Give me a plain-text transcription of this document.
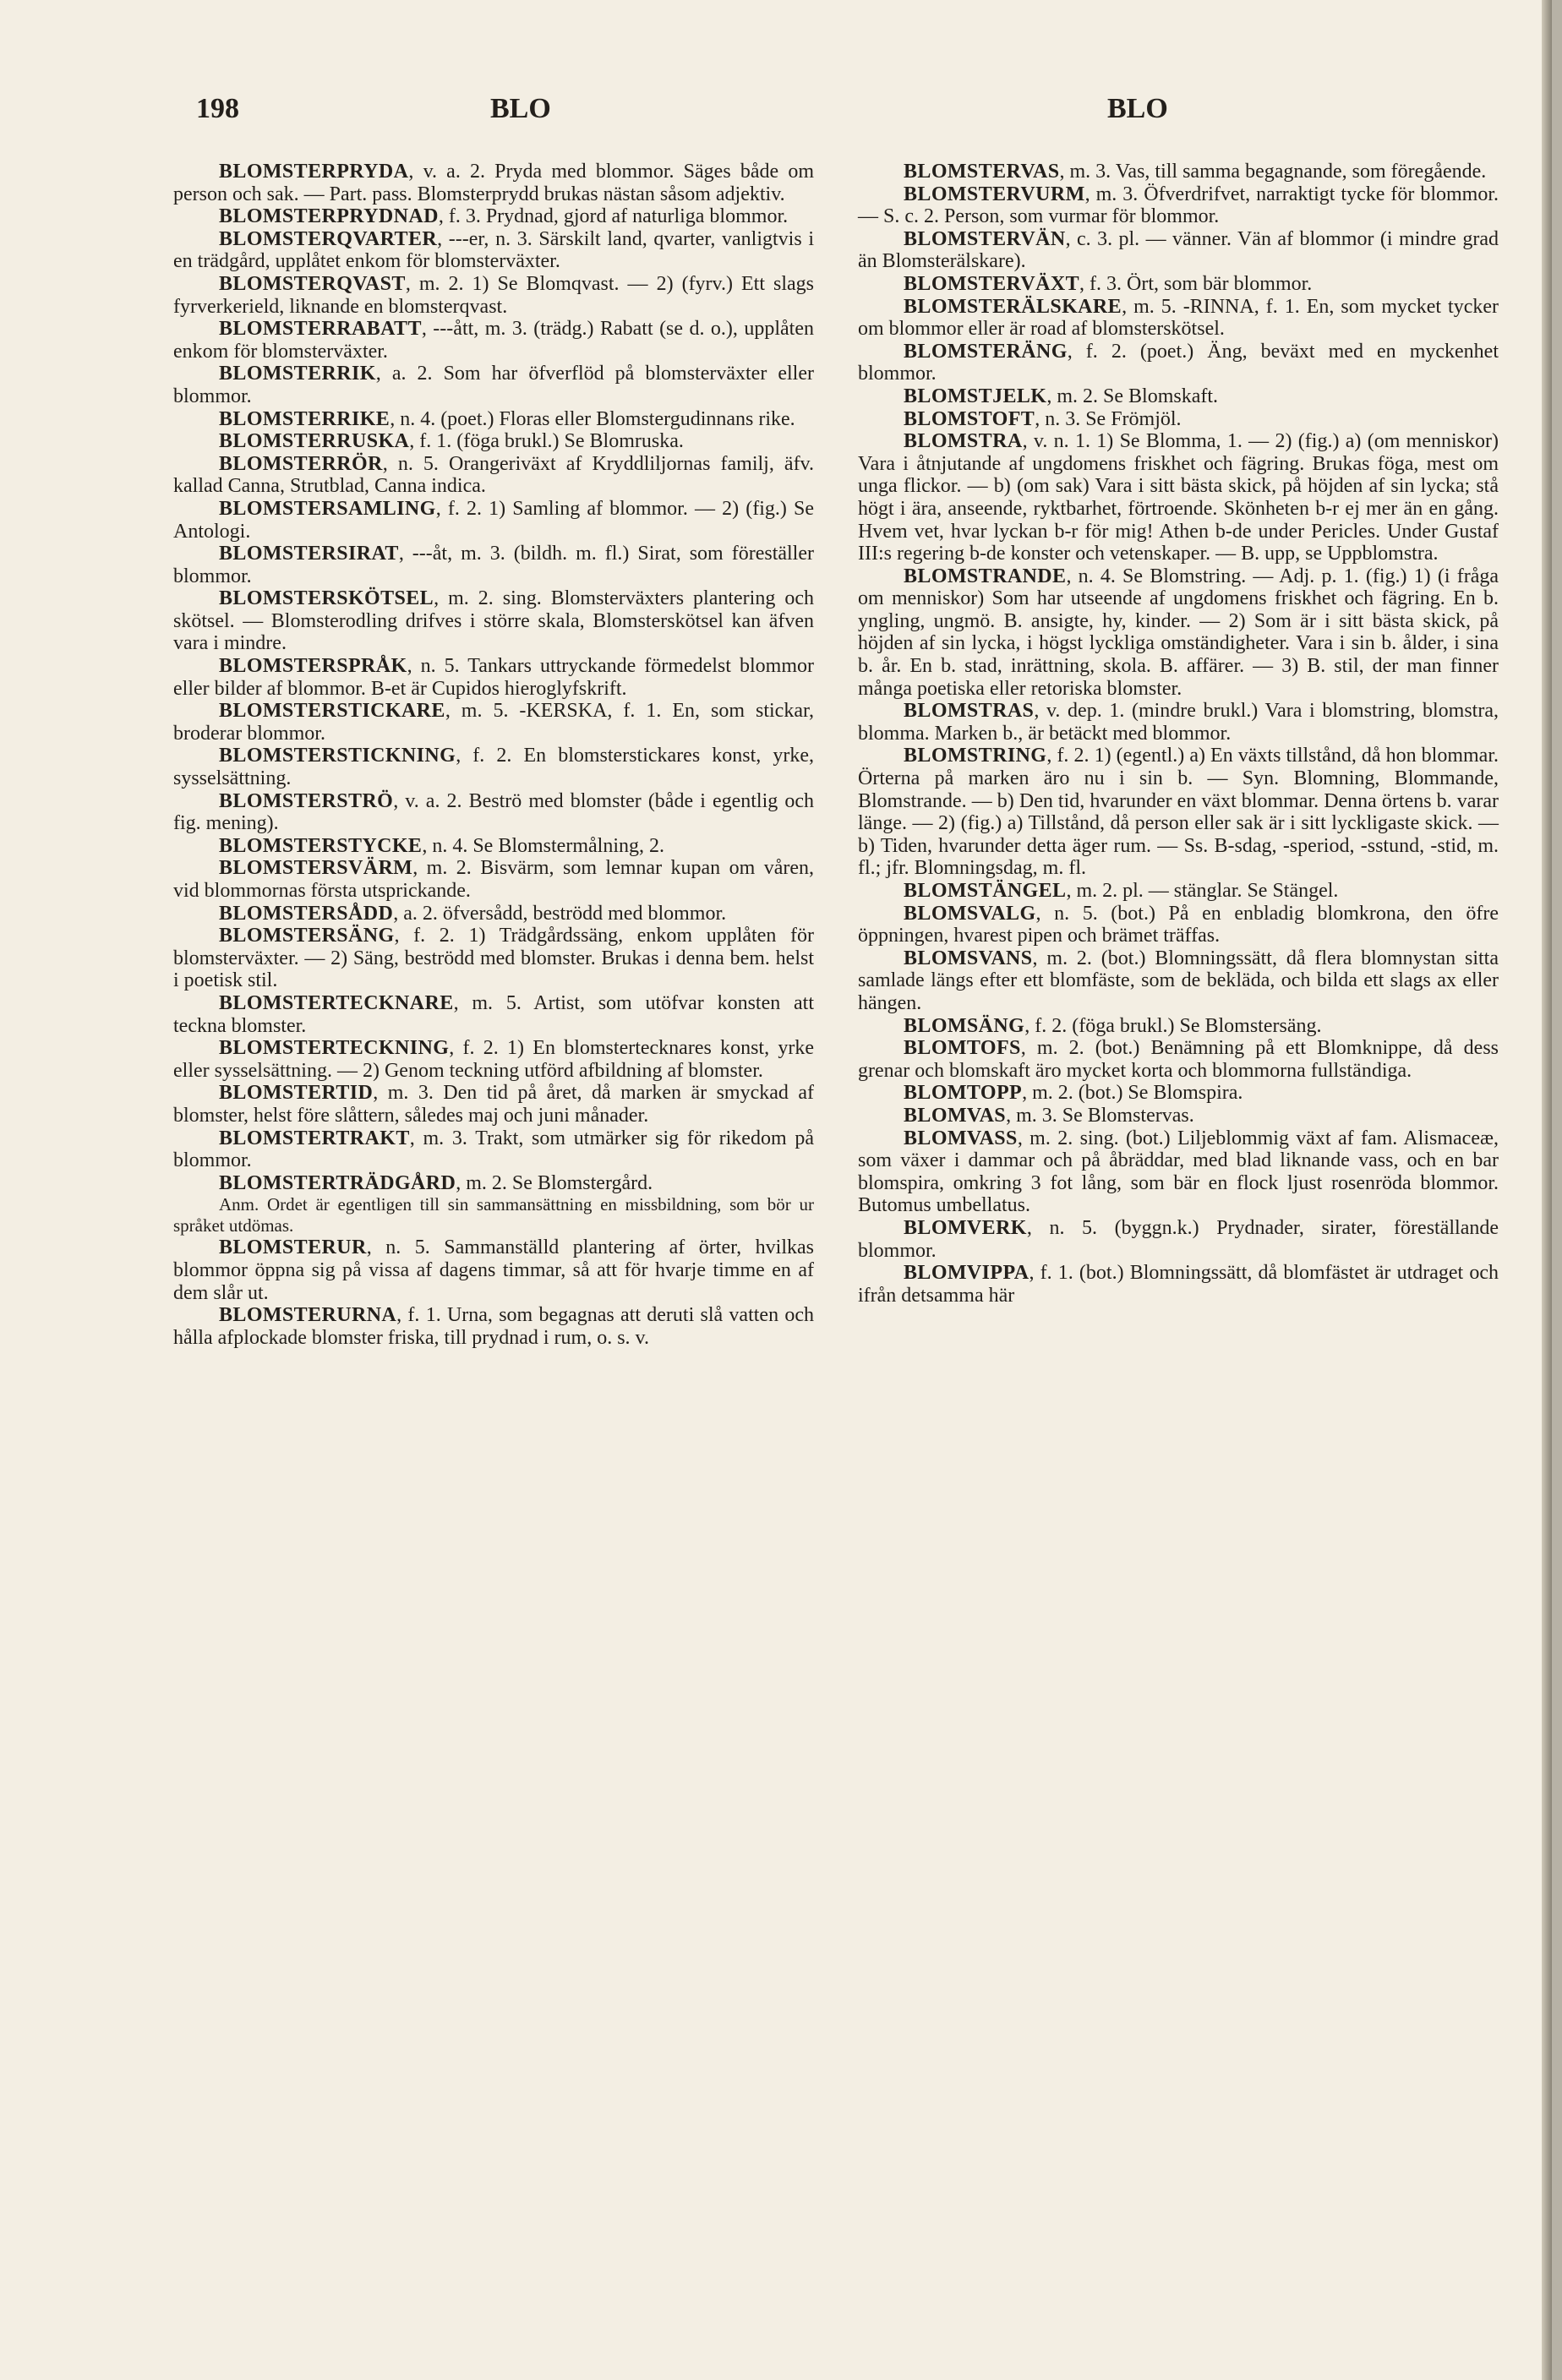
198	BLO	BLO

BLOMSTERPRYDA, v. a. 2. Pryda med blommor. Säges både om person och sak. — Part. pass. Blomsterprydd brukas nästan såsom adjektiv.

BLOMSTERPRYDNAD, f. 3. Prydnad, gjord af naturliga blommor.

BLOMSTERQVARTER, ---er, n. 3. Särskilt land, qvarter, vanligtvis i en trädgård, upplåtet enkom för blomsterväxter.

BLOMSTERQVAST, m. 2. 1) Se Blomqvast. — 2) (fyrv.) Ett slags fyrverkerield, liknande en blomsterqvast.

BLOMSTERRABATT, ---ått, m. 3. (trädg.) Rabatt (se d. o.), upplåten enkom för blomsterväxter.

BLOMSTERRIK, a. 2. Som har öfverflöd på blomsterväxter eller blommor.

BLOMSTERRIKE, n. 4. (poet.) Floras eller Blomstergudinnans rike.

BLOMSTERRUSKA, f. 1. (föga brukl.) Se Blomruska.

BLOMSTERRÖR, n. 5. Orangeriväxt af Kryddliljornas familj, äfv. kallad Canna, Strutblad, Canna indica.

BLOMSTERSAMLING, f. 2. 1) Samling af blommor. — 2) (fig.) Se Antologi.

BLOMSTERSIRAT, ---åt, m. 3. (bildh. m. fl.) Sirat, som föreställer blommor.

BLOMSTERSKÖTSEL, m. 2. sing. Blomsterväxters plantering och skötsel. — Blomsterodling drifves i större skala, Blomsterskötsel kan äfven vara i mindre.

BLOMSTERSPRÅK, n. 5. Tankars uttryckande förmedelst blommor eller bilder af blommor. B-et är Cupidos hieroglyfskrift.

BLOMSTERSTICKARE, m. 5. -KERSKA, f. 1. En, som stickar, broderar blommor.

BLOMSTERSTICKNING, f. 2. En blomsterstickares konst, yrke, sysselsättning.

BLOMSTERSTRÖ, v. a. 2. Beströ med blomster (både i egentlig och fig. mening).

BLOMSTERSTYCKE, n. 4. Se Blomstermålning, 2.

BLOMSTERSVÄRM, m. 2. Bisvärm, som lemnar kupan om våren, vid blommornas första utsprickande.

BLOMSTERSÅDD, a. 2. öfversådd, beströdd med blommor.

BLOMSTERSÄNG, f. 2. 1) Trädgårdssäng, enkom upplåten för blomsterväxter. — 2) Säng, beströdd med blomster. Brukas i denna bem. helst i poetisk stil.

BLOMSTERTECKNARE, m. 5. Artist, som utöfvar konsten att teckna blomster.

BLOMSTERTECKNING, f. 2. 1) En blomstertecknares konst, yrke eller sysselsättning. — 2) Genom teckning utförd afbildning af blomster.

BLOMSTERTID, m. 3. Den tid på året, då marken är smyckad af blomster, helst före slåttern, således maj och juni månader.

BLOMSTERTRAKT, m. 3. Trakt, som utmärker sig för rikedom på blommor.

BLOMSTERTRÄDGÅRD, m. 2. Se Blomstergård.

Anm. Ordet är egentligen till sin sammansättning en missbildning, som bör ur språket utdömas.

BLOMSTERUR, n. 5. Sammanställd plantering af örter, hvilkas blommor öppna sig på vissa af dagens timmar, så att för hvarje timme en af dem slår ut.

BLOMSTERURNA, f. 1. Urna, som begagnas att deruti slå vatten och hålla afplockade blomster friska, till prydnad i rum, o. s. v.

BLOMSTERVAS, m. 3. Vas, till samma begagnande, som föregående.

BLOMSTERVURM, m. 3. Öfverdrifvet, narraktigt tycke för blommor. — S. c. 2. Person, som vurmar för blommor.

BLOMSTERVÄN, c. 3. pl. — vänner. Vän af blommor (i mindre grad än Blomsterälskare).

BLOMSTERVÄXT, f. 3. Ört, som bär blommor.

BLOMSTERÄLSKARE, m. 5. -RINNA, f. 1. En, som mycket tycker om blommor eller är road af blomsterskötsel.

BLOMSTERÄNG, f. 2. (poet.) Äng, beväxt med en myckenhet blommor.

BLOMSTJELK, m. 2. Se Blomskaft.

BLOMSTOFT, n. 3. Se Frömjöl.

BLOMSTRA, v. n. 1. 1) Se Blomma, 1. — 2) (fig.) a) (om menniskor) Vara i åtnjutande af ungdomens friskhet och fägring. Brukas föga, mest om unga flickor. — b) (om sak) Vara i sitt bästa skick, på höjden af sin lycka; stå högt i ära, anseende, ryktbarhet, förtroende. Skönheten b-r ej mer än en gång. Hvem vet, hvar lyckan b-r för mig! Athen b-de under Pericles. Under Gustaf III:s regering b-de konster och vetenskaper. — B. upp, se Uppblomstra.

BLOMSTRANDE, n. 4. Se Blomstring. — Adj. p. 1. (fig.) 1) (i fråga om menniskor) Som har utseende af ungdomens friskhet och fägring. En b. yngling, ungmö. B. ansigte, hy, kinder. — 2) Som är i sitt bästa skick, på höjden af sin lycka, i högst lyckliga omständigheter. Vara i sin b. ålder, i sina b. år. En b. stad, inrättning, skola. B. affärer. — 3) B. stil, der man finner många poetiska eller retoriska blomster.

BLOMSTRAS, v. dep. 1. (mindre brukl.) Vara i blomstring, blomstra, blomma. Marken b., är betäckt med blommor.

BLOMSTRING, f. 2. 1) (egentl.) a) En växts tillstånd, då hon blommar. Örterna på marken äro nu i sin b. — Syn. Blomning, Blommande, Blomstrande. — b) Den tid, hvarunder en växt blommar. Denna örtens b. varar länge. — 2) (fig.) a) Tillstånd, då person eller sak är i sitt lyckligaste skick. — b) Tiden, hvarunder detta äger rum. — Ss. B-sdag, -speriod, -sstund, -stid, m. fl.; jfr. Blomningsdag, m. fl.

BLOMSTÄNGEL, m. 2. pl. — stänglar. Se Stängel.

BLOMSVALG, n. 5. (bot.) På en enbladig blomkrona, den öfre öppningen, hvarest pipen och brämet träffas.

BLOMSVANS, m. 2. (bot.) Blomningssätt, då flera blomnystan sitta samlade längs efter ett blomfäste, som de bekläda, och bilda ett slags ax eller hängen.

BLOMSÄNG, f. 2. (föga brukl.) Se Blomstersäng.

BLOMTOFS, m. 2. (bot.) Benämning på ett Blomknippe, då dess grenar och blomskaft äro mycket korta och blommorna fullständiga.

BLOMTOPP, m. 2. (bot.) Se Blomspira.

BLOMVAS, m. 3. Se Blomstervas.

BLOMVASS, m. 2. sing. (bot.) Liljeblommig växt af fam. Alismaceæ, som växer i dammar och på åbräddar, med blad liknande vass, och en bar blomspira, omkring 3 fot lång, som bär en flock ljust rosenröda blommor. Butomus umbellatus.

BLOMVERK, n. 5. (byggn.k.) Prydnader, sirater, föreställande blommor.

BLOMVIPPA, f. 1. (bot.) Blomningssätt, då blomfästet är utdraget och ifrån detsamma här
